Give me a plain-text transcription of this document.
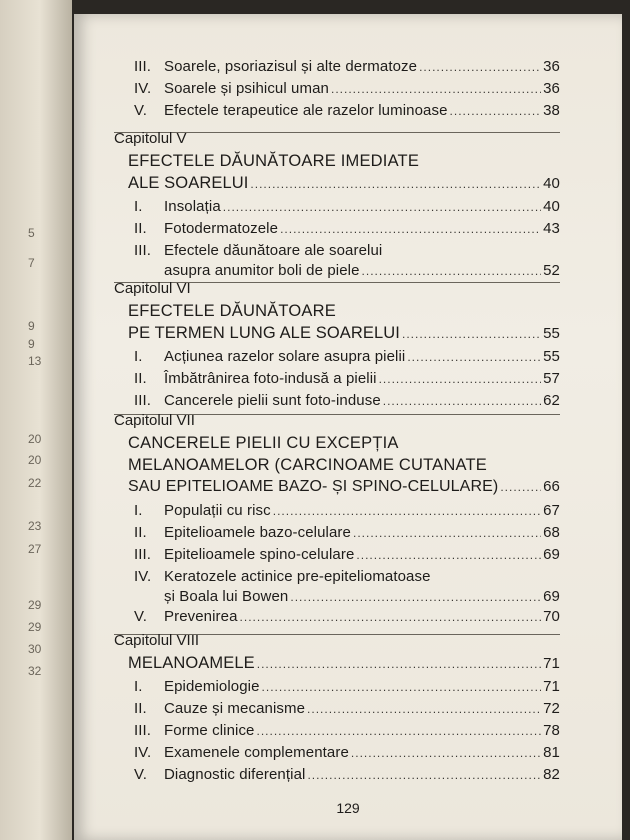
5
7
9
9
13
20
20
22
23
27
29
29
30
32
III. Soarele, psoriazisul și alte dermatoze .....	36
IV. Soarele și psihicul uman .....	36
V.	Efectele terapeutice ale razelor luminoase .....	38
Capitolul V
EFECTELE DĂUNĂTOARE IMEDIATE
ALE SOARELUI .....	40
I.	Insolația .....	40
II.	Fotodermatozele .....	43
III. Efectele dăunătoare ale soarelui
asupra anumitor boli de piele .....	52
Capitolul VI
EFECTELE DĂUNĂTOARE
PE TERMEN LUNG ALE SOARELUI .....	55
I.	Acțiunea razelor solare asupra pielii .....	55
II.	Îmbătrânirea foto-indusă a pielii .....	57
III. Cancerele pielii sunt foto-induse .....	62
Capitolul VII
CANCERELE PIELII CU EXCEPȚIA
MELANOAMELOR (CARCINOAME CUTANATE
SAU EPITELIOAME BAZO- ȘI SPINO-CELULARE) .....	66
I.	Populații cu risc .....	67
II.	Epitelioamele bazo-celulare .....	68
III. Epitelioamele spino-celulare .....	69
IV. Keratozele actinice pre-epiteliomatoase
și Boala lui Bowen .....	69
V.	Prevenirea .....	70
Capitolul VIII
MELANOAMELE .....	71
I.	Epidemiologie .....	71
II.	Cauze și mecanisme .....	72
III. Forme clinice .....	78
IV. Examenele complementare .....	81
V.	Diagnostic diferențial .....	82
129
